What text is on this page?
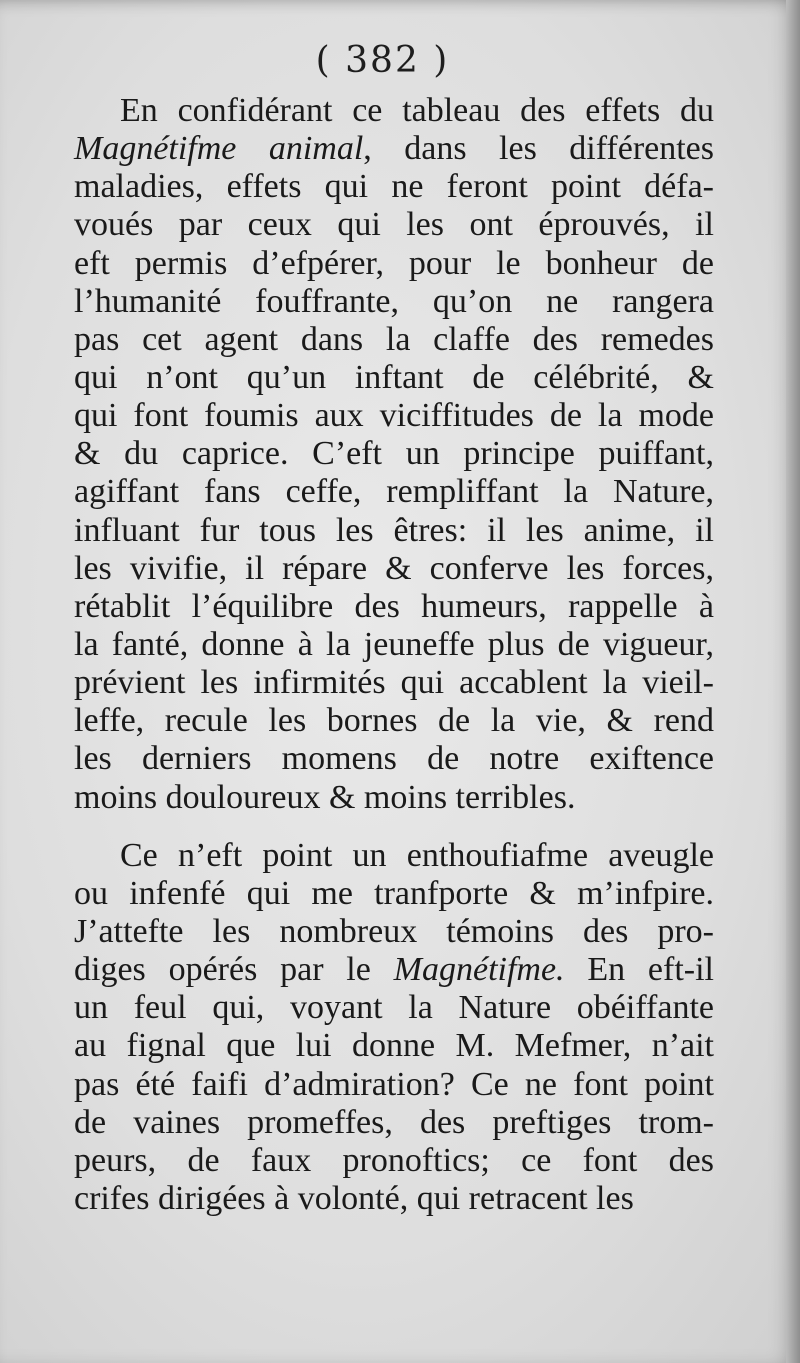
( 382 )
En confidérant ce tableau des effets du
Magnétifme animal, dans les différentes
maladies, effets qui ne feront point défa-
voués par ceux qui les ont éprouvés, il
eft permis d’efpérer, pour le bonheur de
l’humanité fouffrante, qu’on ne rangera
pas cet agent dans la claffe des remedes
qui n’ont qu’un inftant de célébrité, &
qui font foumis aux viciffitudes de la mode
& du caprice. C’eft un principe puiffant,
agiffant fans ceffe, rempliffant la Nature,
influant fur tous les êtres: il les anime, il
les vivifie, il répare & conferve les forces,
rétablit l’équilibre des humeurs, rappelle à
la fanté, donne à la jeuneffe plus de vigueur,
prévient les infirmités qui accablent la vieil-
leffe, recule les bornes de la vie, & rend
les derniers momens de notre exiftence
moins douloureux & moins terribles.
Ce n’eft point un enthoufiafme aveugle
ou infenfé qui me tranfporte & m’infpire.
J’attefte les nombreux témoins des pro-
diges opérés par le Magnétifme. En eft-il
un feul qui, voyant la Nature obéiffante
au fignal que lui donne M. Mefmer, n’ait
pas été faifi d’admiration? Ce ne font point
de vaines promeffes, des preftiges trom-
peurs, de faux pronoftics; ce font des
crifes dirigées à volonté, qui retracent les
